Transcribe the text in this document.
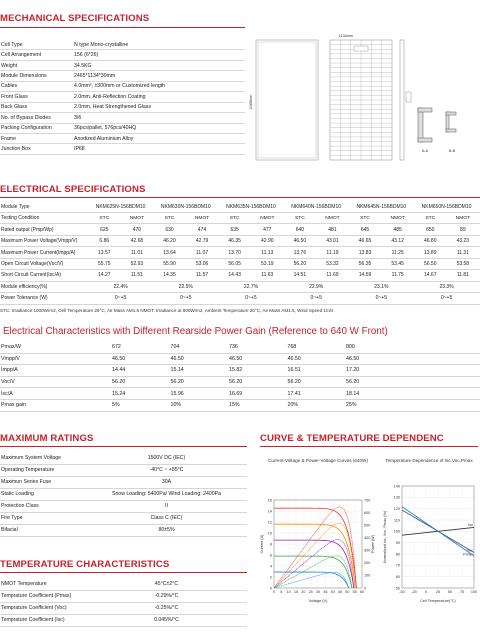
MECHANICAL SPECIFICATIONS
Cell Type	N type Mono-crystalline
Cell Arrangement	156 (6*26)
Weight	34.5KG
Module Dimensions	2465*1134*30mm
Cables	4.0mm², ±300mm or Customized length
Front Glass	2.0mm, Anti-Reflection Coating
Back Glass	2.0mm, Heat Strengthened Glass
No. of Bypass Diodes	3/6
Packing Configuration	36pcs/pallet, 576pcs/40HQ
Frame	Anodized Aluminium Alloy
Junction Box	IP68
1134mm
2465mm
A-A	B-B
ELECTRICAL SPECIFICATIONS
Module Type	NKM625N-156BDM10	NKM630N-156BDM10	NKM635N-156BDM10	NKM640N-156BDM10	NKM645N-156BDM10	NKM650N-156BDM10
Testing Condition	STC	NMOT	STC	NMOT	STC	NMOT	STC	NMOT	STC	NMOT	STC	NMOT
Rated output (Pmp/Wp)	625	470	630	474	635	477	640	481	645	485	650	89
Maximum Power Voltage(Vmpp/V)	6.86	42.68	46.20	42.79	46.35	42.90	46.50	43.01	46.65	43.12	46.80	43.23
Maximum Power Current(Impp/A)	13.57	11.01	13.64	11.07	13.70	11.13	13.76	11.19	13.83	11.25	13.89	11.31
Open Circuit Voltage(Voc/V)	55.75	52.93	55.90	53.06	56.05	53.19	56.20	53.32	56.35	53.45	56.50	53.58
Short Circuit Current(Isc/A)	14.27	11.51	14.35	11.57	14.43	11.63	14.51	11.69	14.59	11.75	14.67	11.81
Module efficiency(%)	22.4%	22.5%	22.7%	22.9%	23.1%	23.3%
Power Tolerance (W)	0~+5	0~+5	0~+5	0~+5	0~+5	0~+5
STC: Irradiance 1000W/m2, Cell Temperature 25°C, Air Mass AM1.5 NMOT: Irradiance at 800W/m2, Ambient Temperature 20°C, Air Mass AM1.5, Wind Speed 1m/s
Electrical Characteristics with Different Rearside Power Gain (Reference to 640 W Front)
Pmax/W	672	704	736	768	800
Vmpp/V	46.50	46.50	46.50	46.50	46.50
Impp/A	14.44	15.14	15.82	16.51	17.20
Voc/V	56.20	56.20	56.20	56.20	56.20
Isc/A	15.24	15.96	16.69	17.41	18.14
Pmax gain	5%	10%	15%	20%	25%
MAXIMUM RATINGS
Maximum System Voltage	1500V DC (IEC)
Operating Temperature	-40°C ~ +85°C
Maximun Series Fuse	30A
Static Loading	Snow Loading: 5400Pa/ Wind Loading: 2400Pa
Protection Class	II
Fire Type	Class C (IEC)
Bifacial	80±5%
TEMPERATURE CHARACTERISTICS
NMOT Temperature	45°C±2°C
Temprature Coefficient (Pmax)	-0.29%/°C
Temprature Coefficient (Voc)	-0.25%/°C
Temprature Coefficient (Isc)	0.045%/°C
CURVE & TEMPERATURE DEPENDENC
Current-Voltage & Power-Voltage Curves (640W)
0
2
4
6
8
10
12
14
16
0
100
200
300
400
500
600
700
0 5 10 15 20 25 30 35 40 45 50 55 60
Voltage (V)
Current (A)	Power (W)
Temperature Dependence of Isc,Voc,Pmax
50
60
70
80
90
100
110
120
130
140
-50 -25 0 25 50 75 100
Isc
Voc
Pmax
Cell Temperature(°C)
Normalized Isc, Voc, Pmax (%)
